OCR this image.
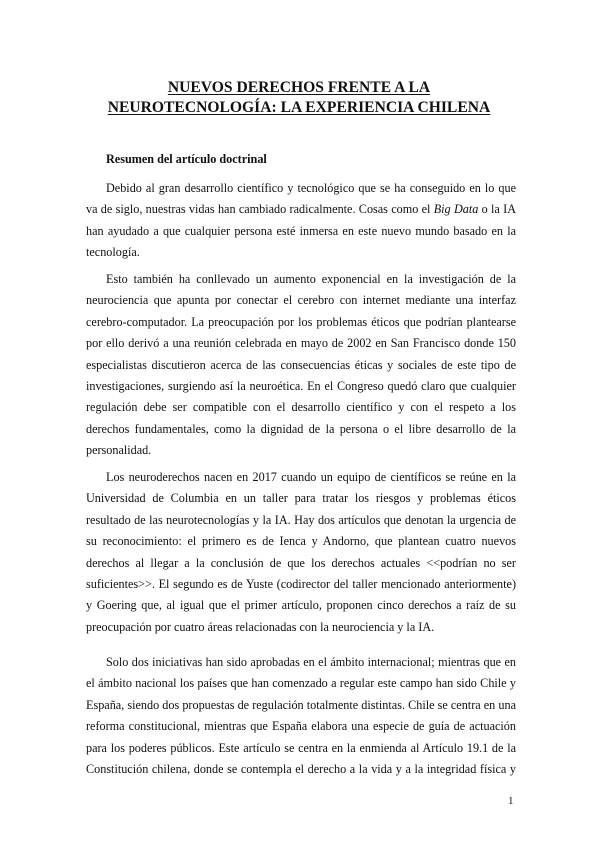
NUEVOS DERECHOS FRENTE A LA
NEUROTECNOLOGÍA: LA EXPERIENCIA CHILENA
Resumen del artículo doctrinal
Debido al gran desarrollo científico y tecnológico que se ha conseguido en lo que
va de siglo, nuestras vidas han cambiado radicalmente. Cosas como el Big Data o la IA
han ayudado a que cualquier persona esté inmersa en este nuevo mundo basado en la
tecnología.
Esto también ha conllevado un aumento exponencial en la investigación de la
neurociencia que apunta por conectar el cerebro con internet mediante una interfaz
cerebro-computador. La preocupación por los problemas éticos que podrían plantearse
por ello derivó a una reunión celebrada en mayo de 2002 en San Francisco donde 150
especialistas discutieron acerca de las consecuencias éticas y sociales de este tipo de
investigaciones, surgiendo así la neuroética. En el Congreso quedó claro que cualquier
regulación debe ser compatible con el desarrollo científico y con el respeto a los
derechos fundamentales, como la dignidad de la persona o el libre desarrollo de la
personalidad.
Los neuroderechos nacen en 2017 cuando un equipo de científicos se reúne en la
Universidad de Columbia en un taller para tratar los riesgos y problemas éticos
resultado de las neurotecnologías y la IA. Hay dos artículos que denotan la urgencia de
su reconocimiento: el primero es de Ienca y Andorno, que plantean cuatro nuevos
derechos al llegar a la conclusión de que los derechos actuales <<podrían no ser
suficientes>>. El segundo es de Yuste (codirector del taller mencionado anteriormente)
y Goering que, al igual que el primer artículo, proponen cinco derechos a raíz de su
preocupación por cuatro áreas relacionadas con la neurociencia y la IA.
Solo dos iniciativas han sido aprobadas en el ámbito internacional; mientras que en
el ámbito nacional los países que han comenzado a regular este campo han sido Chile y
España, siendo dos propuestas de regulación totalmente distintas. Chile se centra en una
reforma constitucional, mientras que España elabora una especie de guía de actuación
para los poderes públicos. Este artículo se centra en la enmienda al Artículo 19.1 de la
Constitución chilena, donde se contempla el derecho a la vida y a la integridad física y
1
